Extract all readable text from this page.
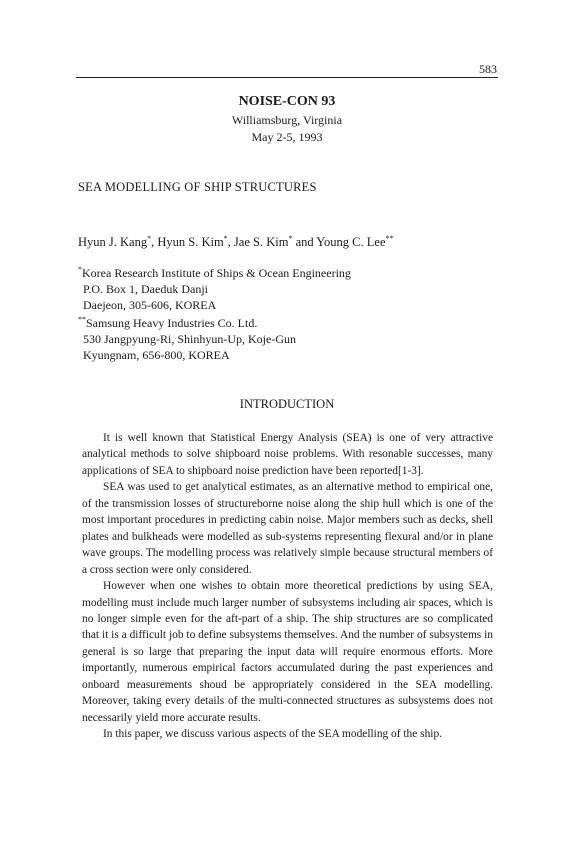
583
NOISE-CON 93
Williamsburg, Virginia
May 2-5, 1993
SEA MODELLING OF SHIP STRUCTURES
Hyun J. Kang*, Hyun S. Kim*, Jae S. Kim* and Young C. Lee**
*Korea Research Institute of Ships & Ocean Engineering
P.O. Box 1, Daeduk Danji
Daejeon, 305-606, KOREA
**Samsung Heavy Industries Co. Ltd.
530 Jangpyung-Ri, Shinhyun-Up, Koje-Gun
Kyungnam, 656-800, KOREA
INTRODUCTION

It is well known that Statistical Energy Analysis (SEA) is one of very attractive analytical methods to solve shipboard noise problems. With resonable successes, many applications of SEA to shipboard noise prediction have been reported[1-3].

SEA was used to get analytical estimates, as an alternative method to empirical one, of the transmission losses of structureborne noise along the ship hull which is one of the most important procedures in predicting cabin noise. Major members such as decks, shell plates and bulkheads were modelled as sub-systems representing flexural and/or in plane wave groups. The modelling process was relatively simple because structural members of a cross section were only considered.

However when one wishes to obtain more theoretical predictions by using SEA, modelling must include much larger number of subsystems including air spaces, which is no longer simple even for the aft-part of a ship. The ship structures are so complicated that it is a difficult job to define subsystems themselves. And the number of subsystems in general is so large that preparing the input data will require enormous efforts. More importantly, numerous empirical factors accumulated during the past experiences and onboard measurements shoud be appropriately considered in the SEA modelling. Moreover, taking every details of the multi-connected structures as subsystems does not necessarily yield more accurate results.

In this paper, we discuss various aspects of the SEA modelling of the ship.
